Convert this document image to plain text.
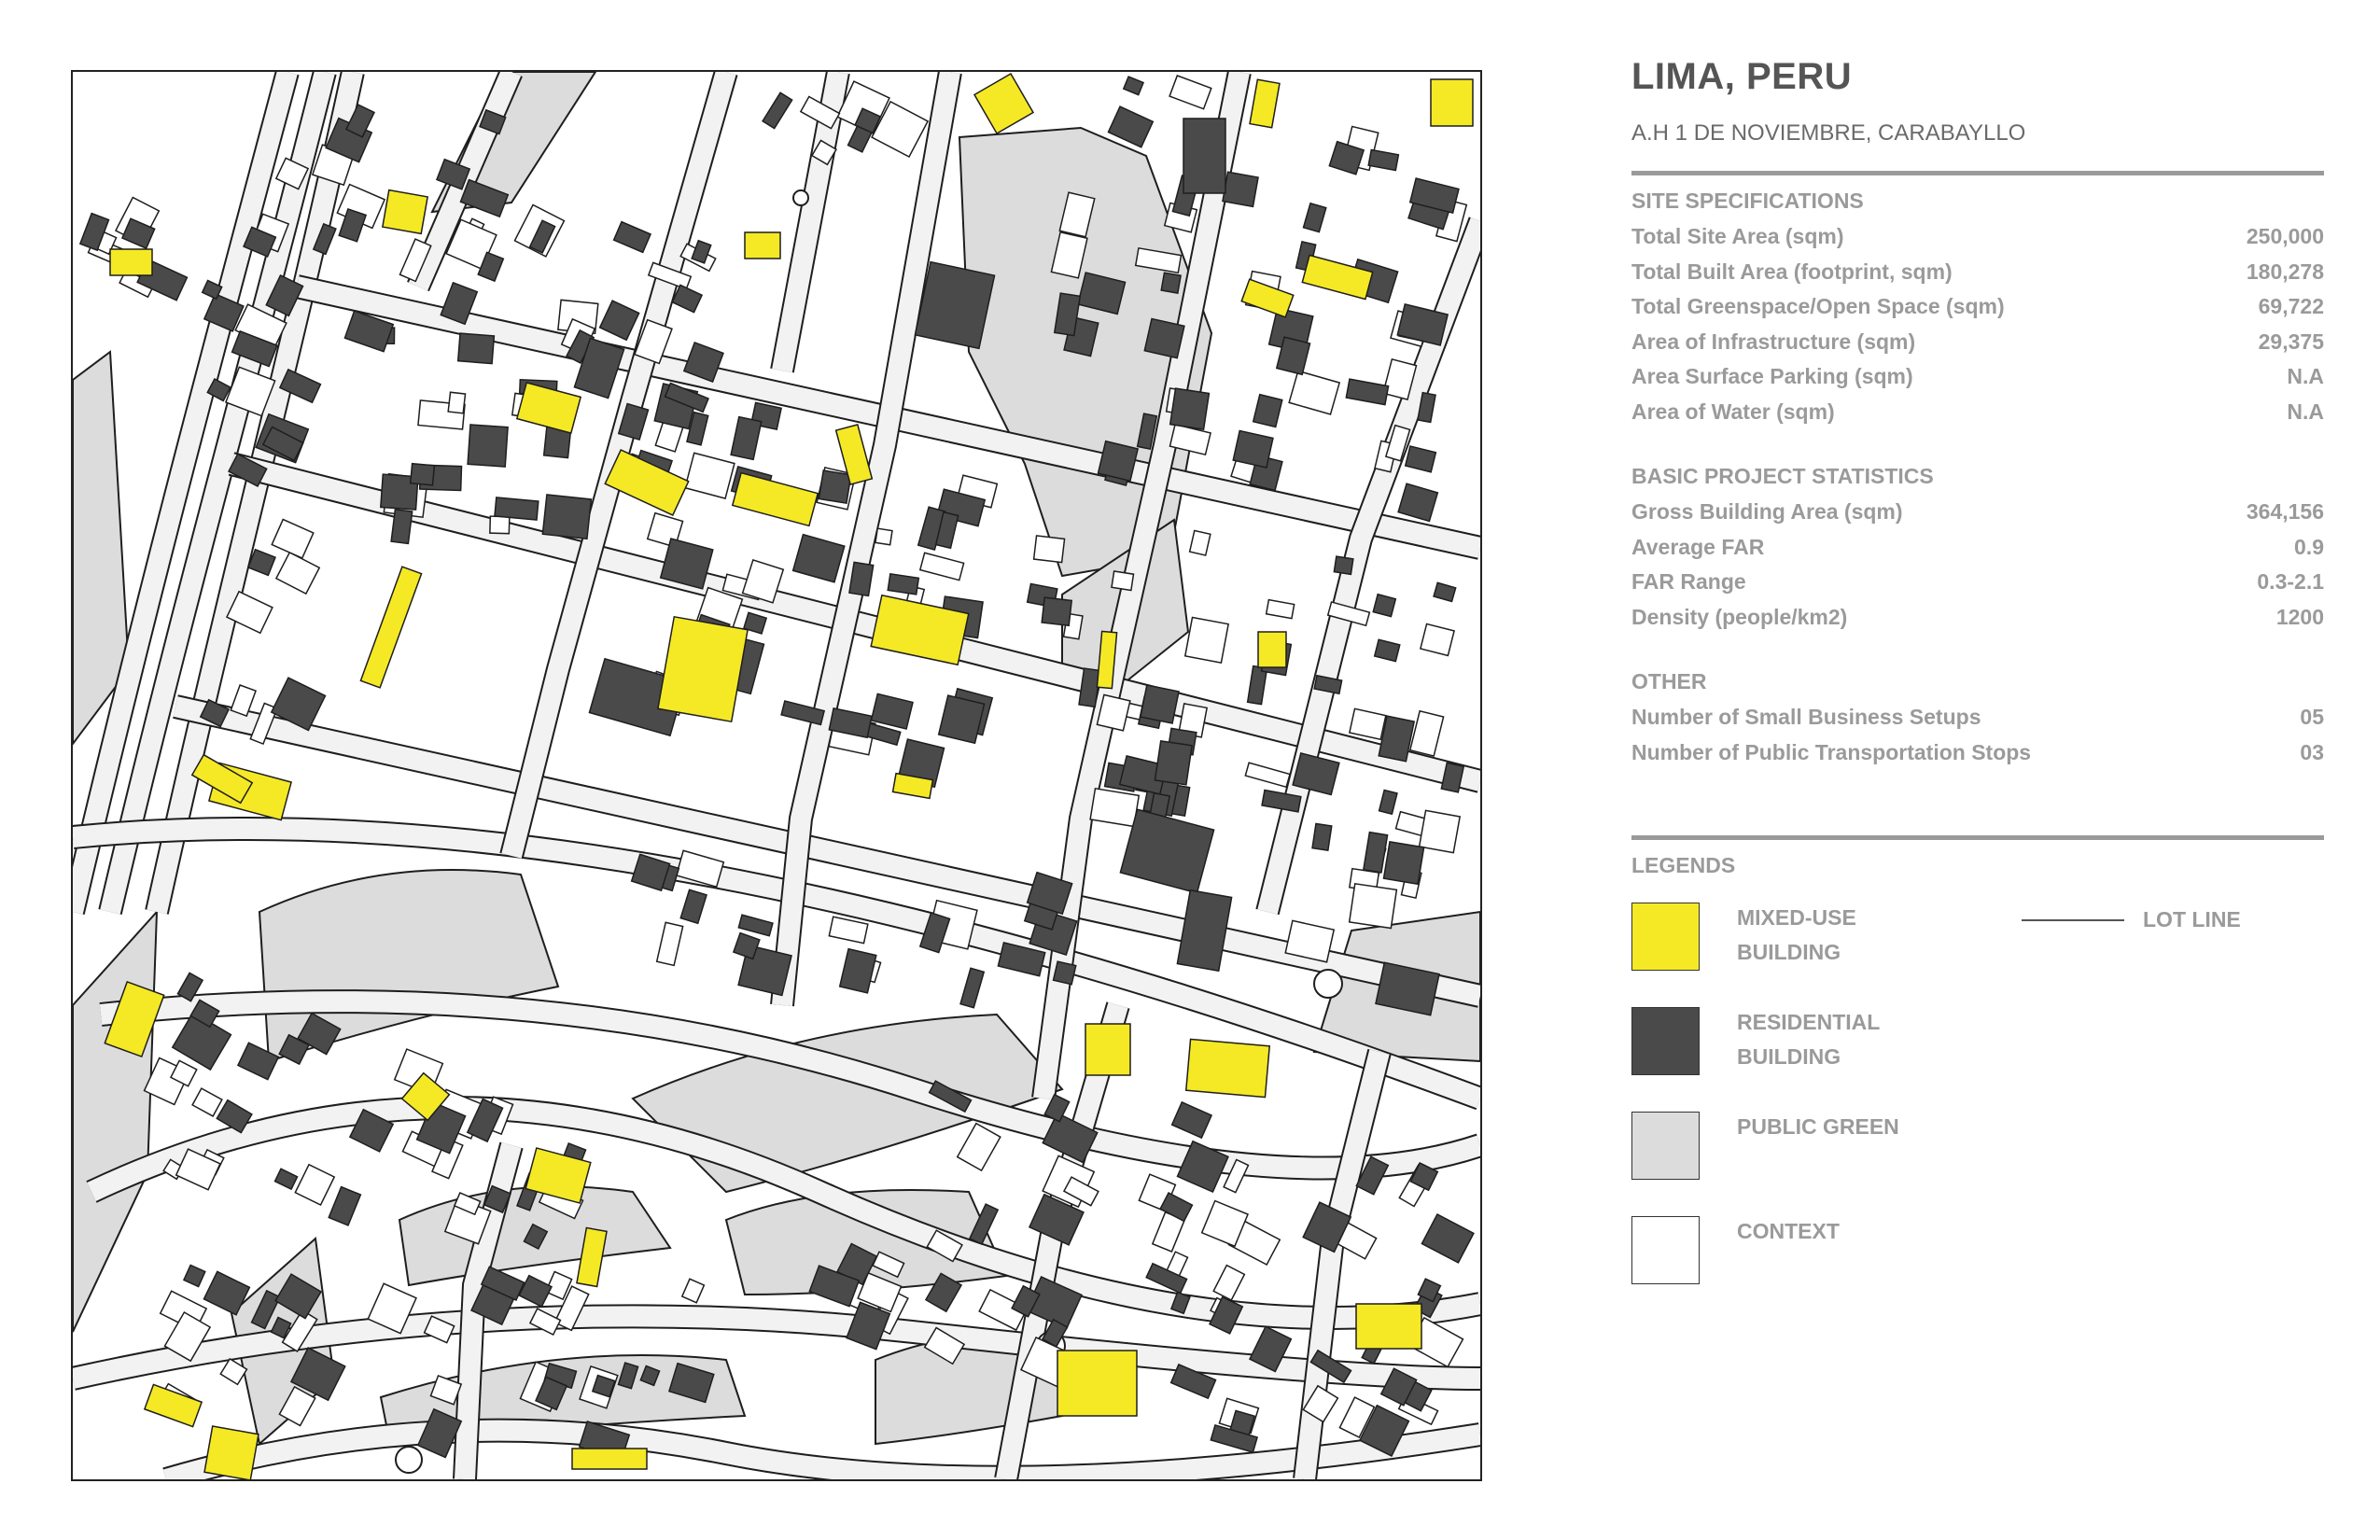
LIMA, PERU
A.H 1 DE NOVIEMBRE, CARABAYLLO
SITE SPECIFICATIONS
Total Site Area (sqm)	250,000
Total Built Area (footprint, sqm)	180,278
Total Greenspace/Open Space (sqm)	69,722
Area of Infrastructure (sqm)	29,375
Area Surface Parking (sqm)	N.A
Area of Water (sqm)	N.A
BASIC PROJECT STATISTICS
Gross Building Area (sqm)	364,156
Average FAR	0.9
FAR Range	0.3-2.1
Density (people/km2)	1200
OTHER
Number of Small Business Setups	05
Number of Public Transportation Stops	03
LEGENDS
MIXED-USE
BUILDING
LOT LINE
RESIDENTIAL
BUILDING
PUBLIC GREEN
CONTEXT
